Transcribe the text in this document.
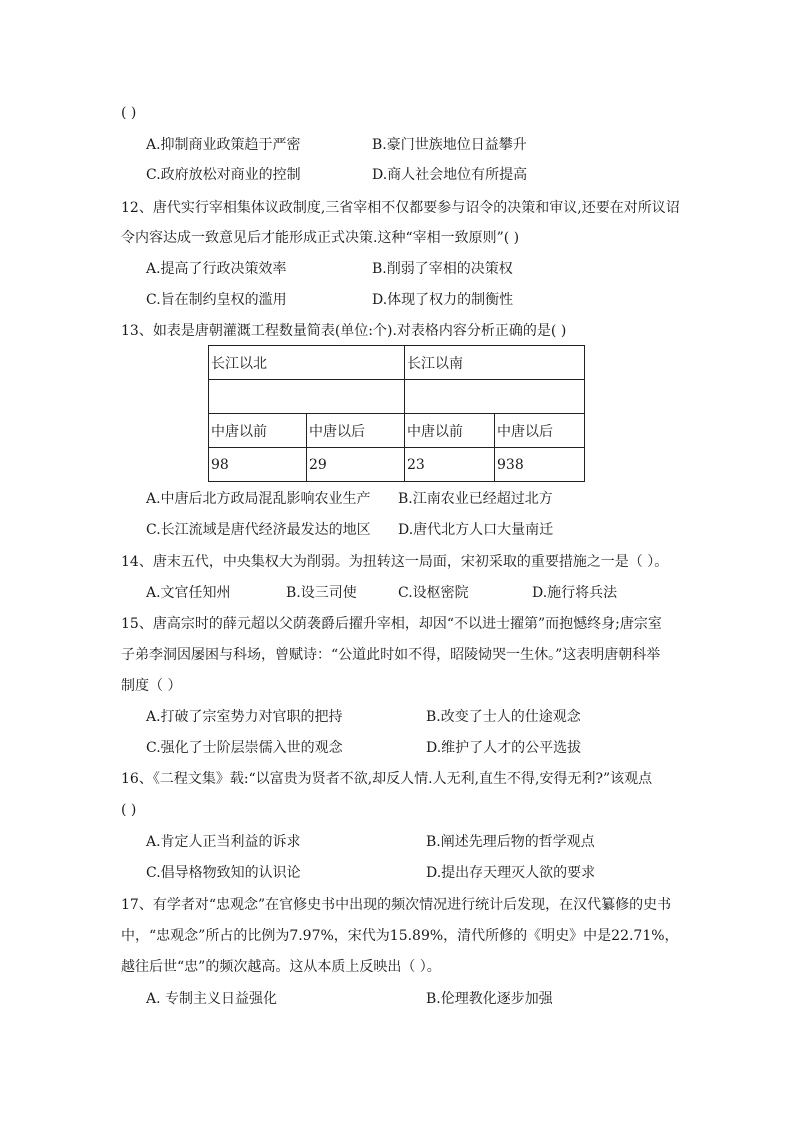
( )
A.抑制商业政策趋于严密	B.豪门世族地位日益攀升
C.政府放松对商业的控制	D.商人社会地位有所提高
12、唐代实行宰相集体议政制度,三省宰相不仅都要参与诏令的决策和审议,还要在对所议诏
令内容达成一致意见后才能形成正式决策.这种“宰相一致原则”( )
A.提高了行政决策效率	B.削弱了宰相的决策权
C.旨在制约皇权的滥用	D.体现了权力的制衡性
13、如表是唐朝灌溉工程数量简表(单位:个).对表格内容分析正确的是( )
长江以北		长江以南	

中唐以前	中唐以后	中唐以前	中唐以后
98	29	23	938
A.中唐后北方政局混乱影响农业生产 B.江南农业已经超过北方
C.长江流域是唐代经济最发达的地区 D.唐代北方人口大量南迁
14、唐末五代，中央集权大为削弱。为扭转这一局面，宋初采取的重要措施之一是（ ）。
A.文官任知州	B.设三司使	C.设枢密院	D.施行将兵法
15、唐高宗时的薛元超以父荫袭爵后擢升宰相，却因“不以进士擢第”而抱憾终身;唐宗室
子弟李洞因屡困与科场，曾赋诗：“公道此时如不得，昭陵恸哭一生休。”这表明唐朝科举
制度（ ）
A.打破了宗室势力对官职的把持	B.改变了士人的仕途观念
C.强化了士阶层崇儒入世的观念	D.维护了人才的公平选拔
16、《二程文集》载:“以富贵为贤者不欲,却反人情.人无利,直生不得,安得无利?”该观点
( )
A.肯定人正当利益的诉求	B.阐述先理后物的哲学观点
C.倡导格物致知的认识论	D.提出存天理灭人欲的要求
17、有学者对“忠观念”在官修史书中出现的频次情况进行统计后发现，在汉代纂修的史书
中，“忠观念”所占的比例为7.97%，宋代为15.89%，清代所修的《明史》中是22.71%，
越往后世“忠”的频次越高。这从本质上反映出（ ）。
A. 专制主义日益强化	B.伦理教化逐步加强
